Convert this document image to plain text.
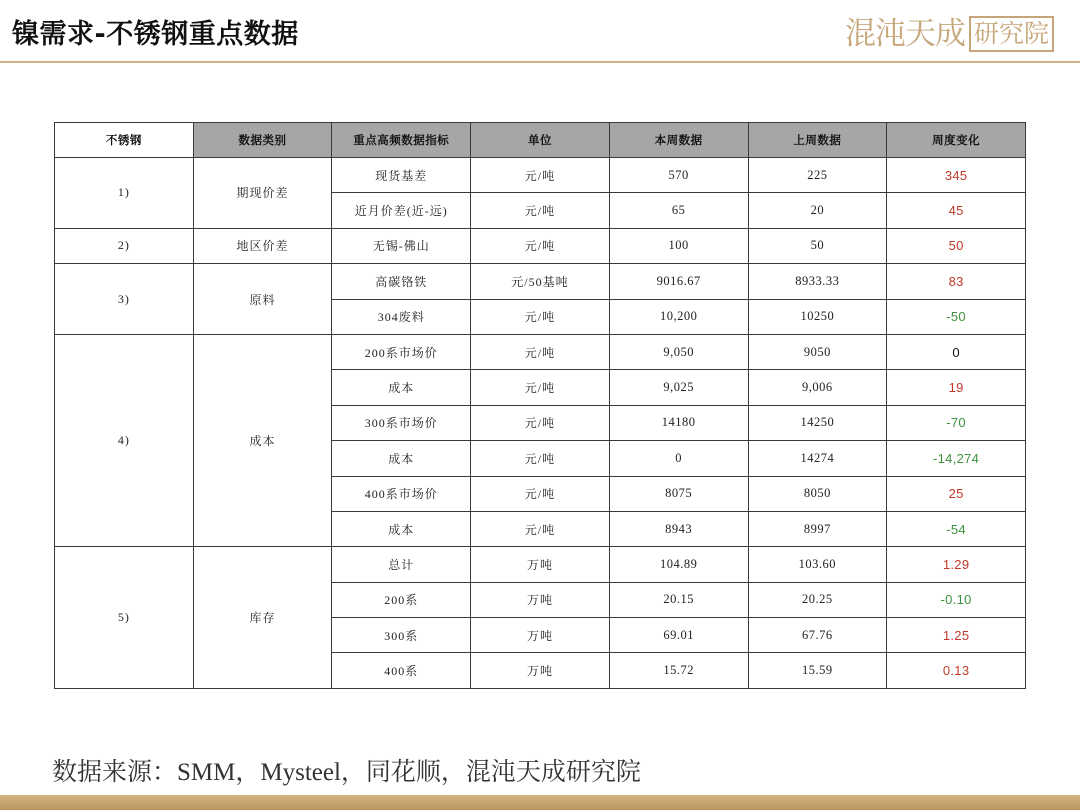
镍需求-不锈钢重点数据	混沌天成 研究院
不锈钢	数据类别	重点高频数据指标	单位	本周数据	上周数据	周度变化
1)	期现价差	现货基差	元/吨	570	225	345
		近月价差(近-远)	元/吨	65	20	45
2)	地区价差	无锡-佛山	元/吨	100	50	50
3)	原料	高碳铬铁	元/50基吨	9016.67	8933.33	83
		304废料	元/吨	10,200	10250	-50
4)	成本	200系市场价	元/吨	9,050	9050	0
		成本	元/吨	9,025	9,006	19
		300系市场价	元/吨	14180	14250	-70
		成本	元/吨	0	14274	-14,274
		400系市场价	元/吨	8075	8050	25
		成本	元/吨	8943	8997	-54
5)	库存	总计	万吨	104.89	103.60	1.29
		200系	万吨	20.15	20.25	-0.10
		300系	万吨	69.01	67.76	1.25
		400系	万吨	15.72	15.59	0.13
数据来源：SMM，Mysteel，同花顺，混沌天成研究院
